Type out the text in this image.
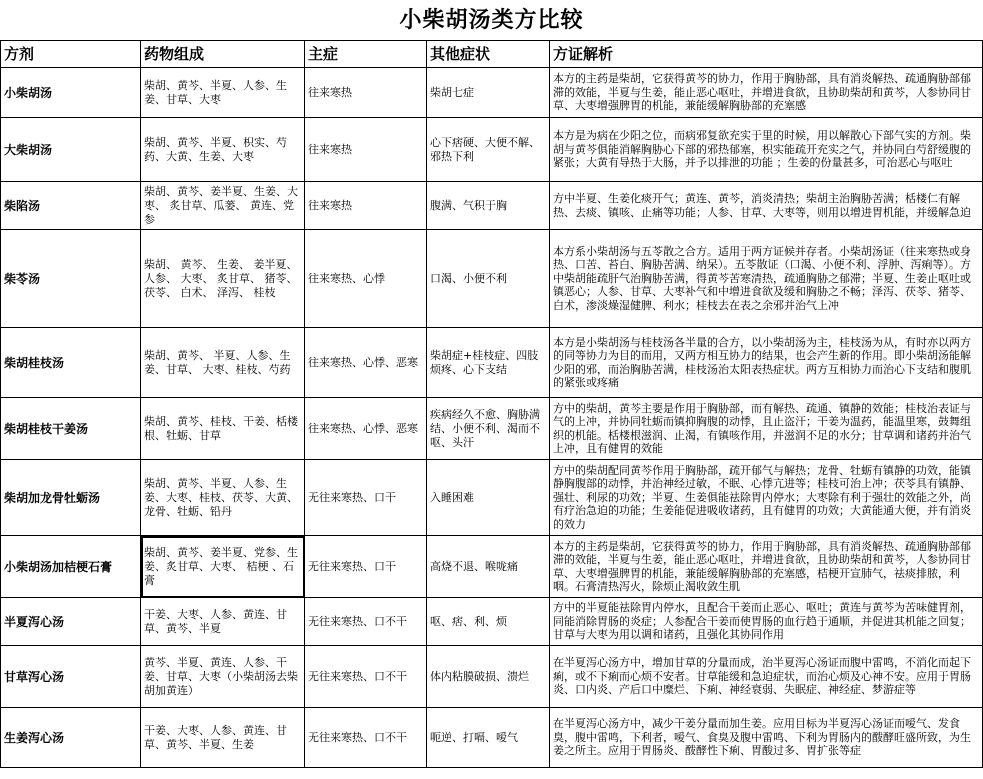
小柴胡汤类方比较
方剂	药物组成	主症	其他症状	方证解析
小柴胡汤	柴胡、黄芩、半夏、人参、生姜、甘草、大枣	往来寒热	柴胡七症	本方的主药是柴胡，它获得黄芩的协力，作用于胸胁部，具有消炎解热、疏通胸胁部郁滞的效能，半夏与生姜，能止恶心呕吐，并增进食欲，且协助柴胡和黄芩，人参协同甘草、大枣增强脾胃的机能，兼能缓解胸胁部的充塞感
大柴胡汤	柴胡、黄芩、半夏、枳实、芍药、大黄、生姜、大枣	往来寒热	心下痞硬、大便不解、邪热下利	本方是为病在少阳之位，而病邪复欲充实于里的时候，用以解散心下部气实的方剂。柴胡与黄芩俱能消解胸胁心下部的邪热郁塞，枳实能疏开充实之气，并协同白芍舒缓腹的紧张；大黄有导热于大肠，并予以排泄的功能 ；生姜的份量甚多，可治恶心与呕吐
柴陷汤	柴胡、黄芩、姜半夏、生姜、大枣、 炙甘草、瓜蒌、 黄连、党参	往来寒热	腹满、气积于胸	方中半夏、生姜化痰开气；黄连、黄芩，消炎清热；柴胡主治胸胁苦满；栝楼仁有解热、去痰、镇咳、止痛等功能；人参、甘草、大枣等，则用以增进胃机能，并缓解急迫
柴苓汤	柴胡、 黄芩、 生姜、 姜半夏、 人参、 大枣、 炙甘草、 猪苓、 茯苓、 白术、 泽泻、 桂枝	往来寒热、心悸	口渴、小便不利	本方系小柴胡汤与五苓散之合方。适用于两方证候并存者。小柴胡汤证（往来寒热或身热、口苦、苔白、胸胁苦满、纳呆）。五苓散证（口渴、小便不利、浮肿、泻痢等）。方中柴胡能疏肝气治胸胁苦满，得黄芩苦寒清热，疏通胸胁之郁滞；半夏、生姜止呕吐或镇恶心；人参、甘草、大枣补气和中增进食欲及缓和胸胁之不畅；泽泻、茯苓、猪苓、白术，渗淡燥湿健脾、利水；桂枝去在表之余邪并治气上冲
柴胡桂枝汤	柴胡、黄芩、 半夏、人参、生姜、甘草、 大枣、桂枝、芍药	往来寒热、心悸、恶寒	柴胡症+桂枝症、四肢烦疼、心下支结	本方是小柴胡汤与桂枝汤各半量的合方，以小柴胡汤为主，桂枝汤为从，有时亦以两方的同等协力为目的而用，又两方相互协力的结果，也会产生新的作用。即小柴胡汤能解少阳的邪，而治胸胁苦满，桂枝汤治太阳表热症状。两方互相协力而治心下支结和腹肌的紧张或疼痛
柴胡桂枝干姜汤	柴胡、黄芩、桂枝、干姜、栝楼根、牡蛎、甘草	往来寒热、心悸、恶寒	疾病经久不愈、胸胁满结、小便不利、渴而不呕、头汗	方中的柴胡，黄芩主要是作用于胸胁部，而有解热、疏通、镇静的效能；桂枝治表证与气的上冲，并协同牡蛎而镇抑胸腹的动悸，且止盗汗；干姜为温药，能温里寒，鼓舞组织的机能。栝楼根滋润、止渴，有镇咳作用，并滋润不足的水分；甘草调和诸药并治气上冲，且有健胃的效能
柴胡加龙骨牡蛎汤	柴胡、黄芩、半夏、人参、生姜、大枣、桂枝、茯苓、大黄、龙骨、牡蛎、铅丹	无往来寒热、口干	入睡困难	方中的柴胡配同黄芩作用于胸胁部，疏开郁气与解热；龙骨、牡蛎有镇静的功效，能镇静胸腹部的动悸，并治神经过敏，不眠、心悸亢进等；桂枝可治上冲；茯苓具有镇静、强壮、利尿的功效；半夏、生姜俱能祛除胃内停水；大枣除有利于强壮的效能之外，尚有疗治急迫的功能；生姜能促进吸收诸药，且有健胃的功效；大黄能通大便，并有消炎的效力
小柴胡汤加桔梗石膏	柴胡、黄芩、姜半夏、党参、生姜、炙甘草、大枣、 桔梗 、石膏	无往来寒热、口干	高烧不退、喉咙痛	本方的主药是柴胡，它获得黄芩的协力，作用于胸胁部，具有消炎解热、疏通胸胁部郁滞的效能，半夏与生姜，能止恶心呕吐，并增进食欲，且协助柴胡和黄芩，人参协同甘草、大枣增强脾胃的机能，兼能缓解胸胁部的充塞感，桔梗开宣肺气，祛痰排脓，利咽。石膏清热泻火，除烦止渴收敛生肌
半夏泻心汤	干姜、大枣、人参、黄连、甘草、黄芩、半夏	无往来寒热、口不干	呕、痞、利、烦	方中的半夏能祛除胃内停水，且配合干姜而止恶心、呕吐；黄连与黄芩为苦味健胃剂，同能消除胃肠的炎症；人参配合干姜而使胃肠的血行趋于通顺，并促进其机能之回复；甘草与大枣为用以调和诸药，且强化其协同作用
甘草泻心汤	黄芩、半夏、黄连、人参、干姜、甘草、大枣（小柴胡汤去柴胡加黄连）	无往来寒热、口不干	体内粘膜破损、溃烂	在半夏泻心汤方中，增加甘草的分量而成，治半夏泻心汤证而腹中雷鸣，不消化而起下痢，或不下痢而心烦不安者。甘草能缓和急迫症状，而治心烦及心神不安。应用于胃肠炎、口内炎、产后口中糜烂、下痢、神经衰弱、失眠症、神经症、梦游症等
生姜泻心汤	干姜、大枣、人参、黄连、甘草、黄芩、半夏、生姜	无往来寒热、口不干	呃逆、打嗝、嗳气	在半夏泻心汤方中，减少干姜分量而加生姜。应用目标为半夏泻心汤证而嗳气、发食臭，腹中雷鸣，下利者，嗳气、食臭及腹中雷鸣、下利为胃肠内的酦酵旺盛所致，为生姜之所主。应用于胃肠炎、酦酵性下痢、胃酸过多、胃扩张等症
